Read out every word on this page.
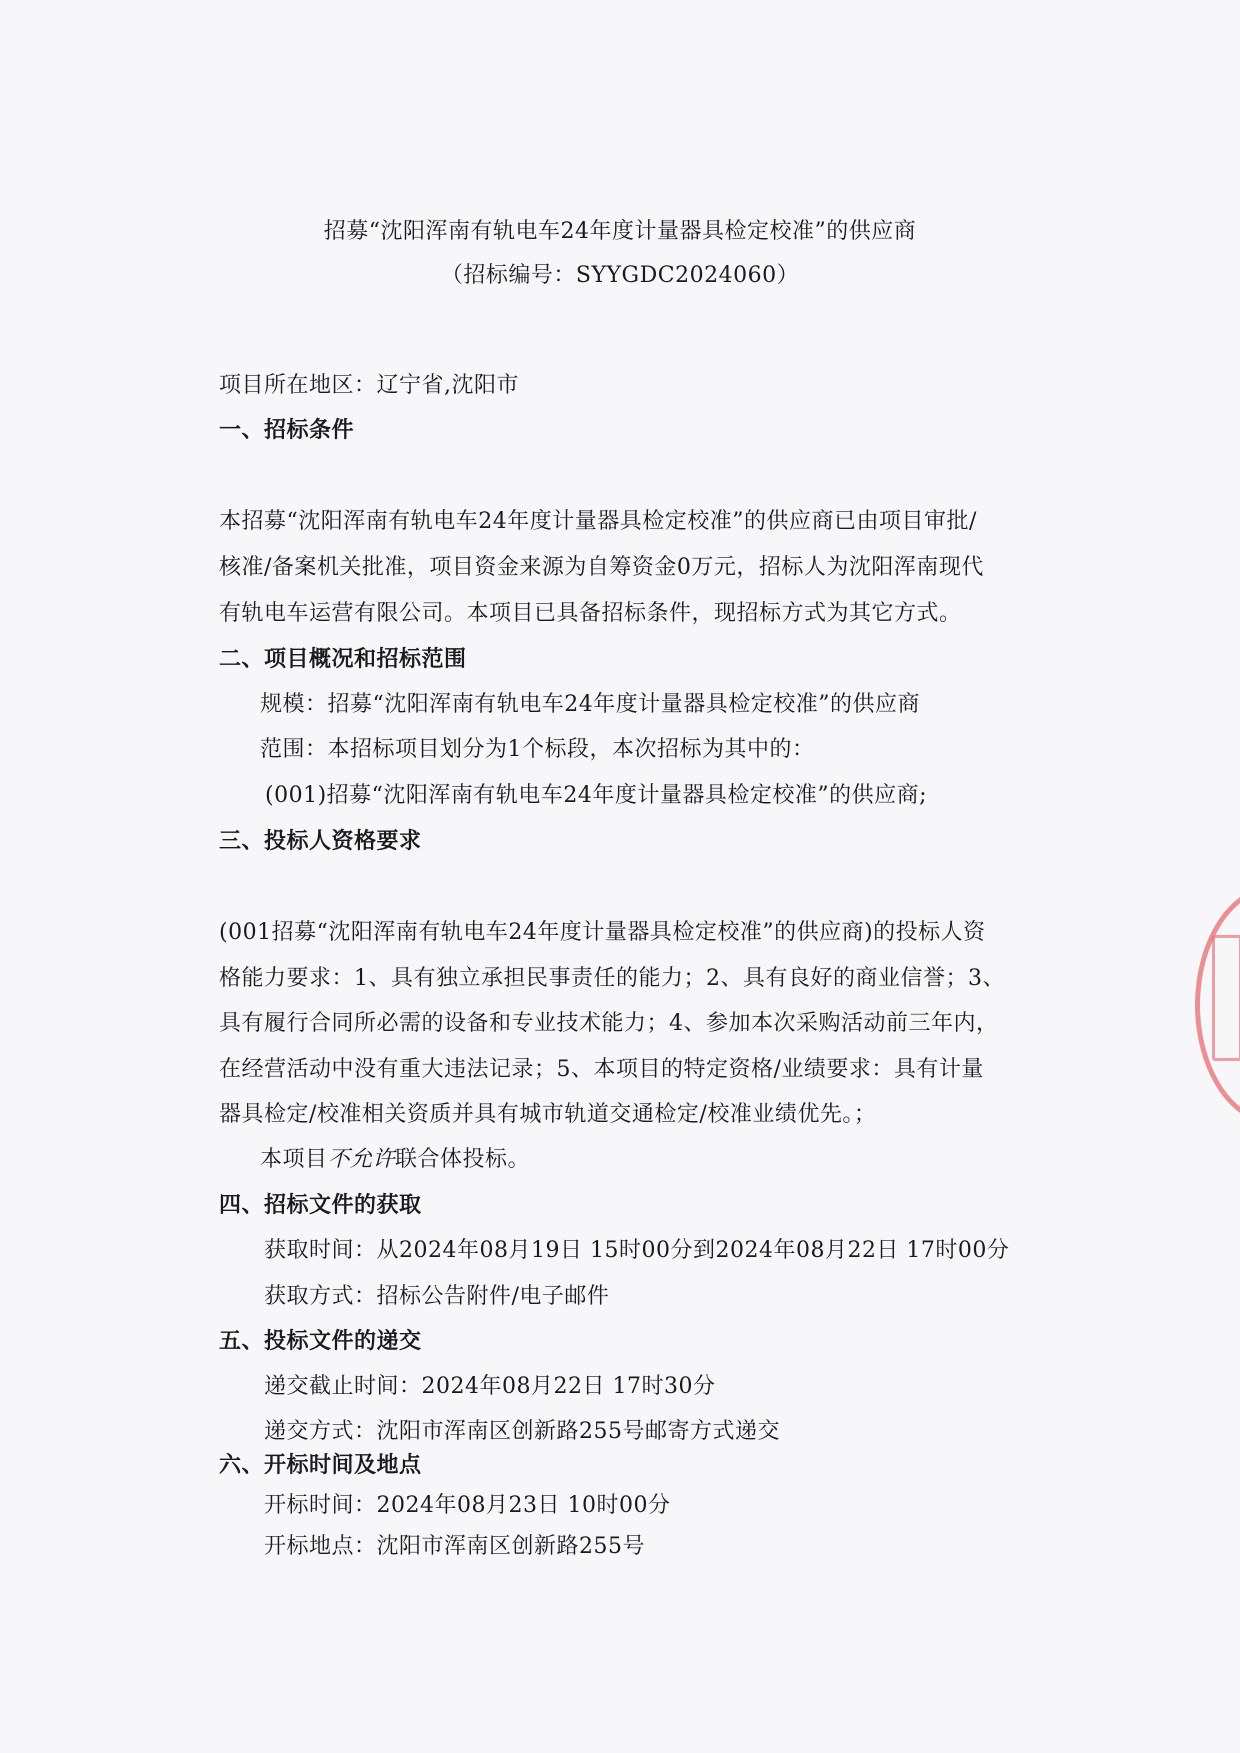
招募“沈阳浑南有轨电车24年度计量器具检定校准”的供应商
（招标编号：SYYGDC2024060）
项目所在地区：辽宁省,沈阳市
一、招标条件
本招募“沈阳浑南有轨电车24年度计量器具检定校准”的供应商已由项目审批/
核准/备案机关批准，项目资金来源为自筹资金0万元，招标人为沈阳浑南现代
有轨电车运营有限公司。本项目已具备招标条件，现招标方式为其它方式。
二、项目概况和招标范围
规模：招募“沈阳浑南有轨电车24年度计量器具检定校准”的供应商
范围：本招标项目划分为1个标段，本次招标为其中的：
(001)招募“沈阳浑南有轨电车24年度计量器具检定校准”的供应商;
三、投标人资格要求
(001招募“沈阳浑南有轨电车24年度计量器具检定校准”的供应商)的投标人资
格能力要求：1、具有独立承担民事责任的能力；2、具有良好的商业信誉；3、
具有履行合同所必需的设备和专业技术能力；4、参加本次采购活动前三年内，
在经营活动中没有重大违法记录；5、本项目的特定资格/业绩要求：具有计量
器具检定/校准相关资质并具有城市轨道交通检定/校准业绩优先。；
本项目不允许联合体投标。
四、招标文件的获取
获取时间：从2024年08月19日 15时00分到2024年08月22日 17时00分
获取方式：招标公告附件/电子邮件
五、投标文件的递交
递交截止时间：2024年08月22日 17时30分
递交方式：沈阳市浑南区创新路255号邮寄方式递交
六、开标时间及地点
开标时间：2024年08月23日 10时00分
开标地点：沈阳市浑南区创新路255号
